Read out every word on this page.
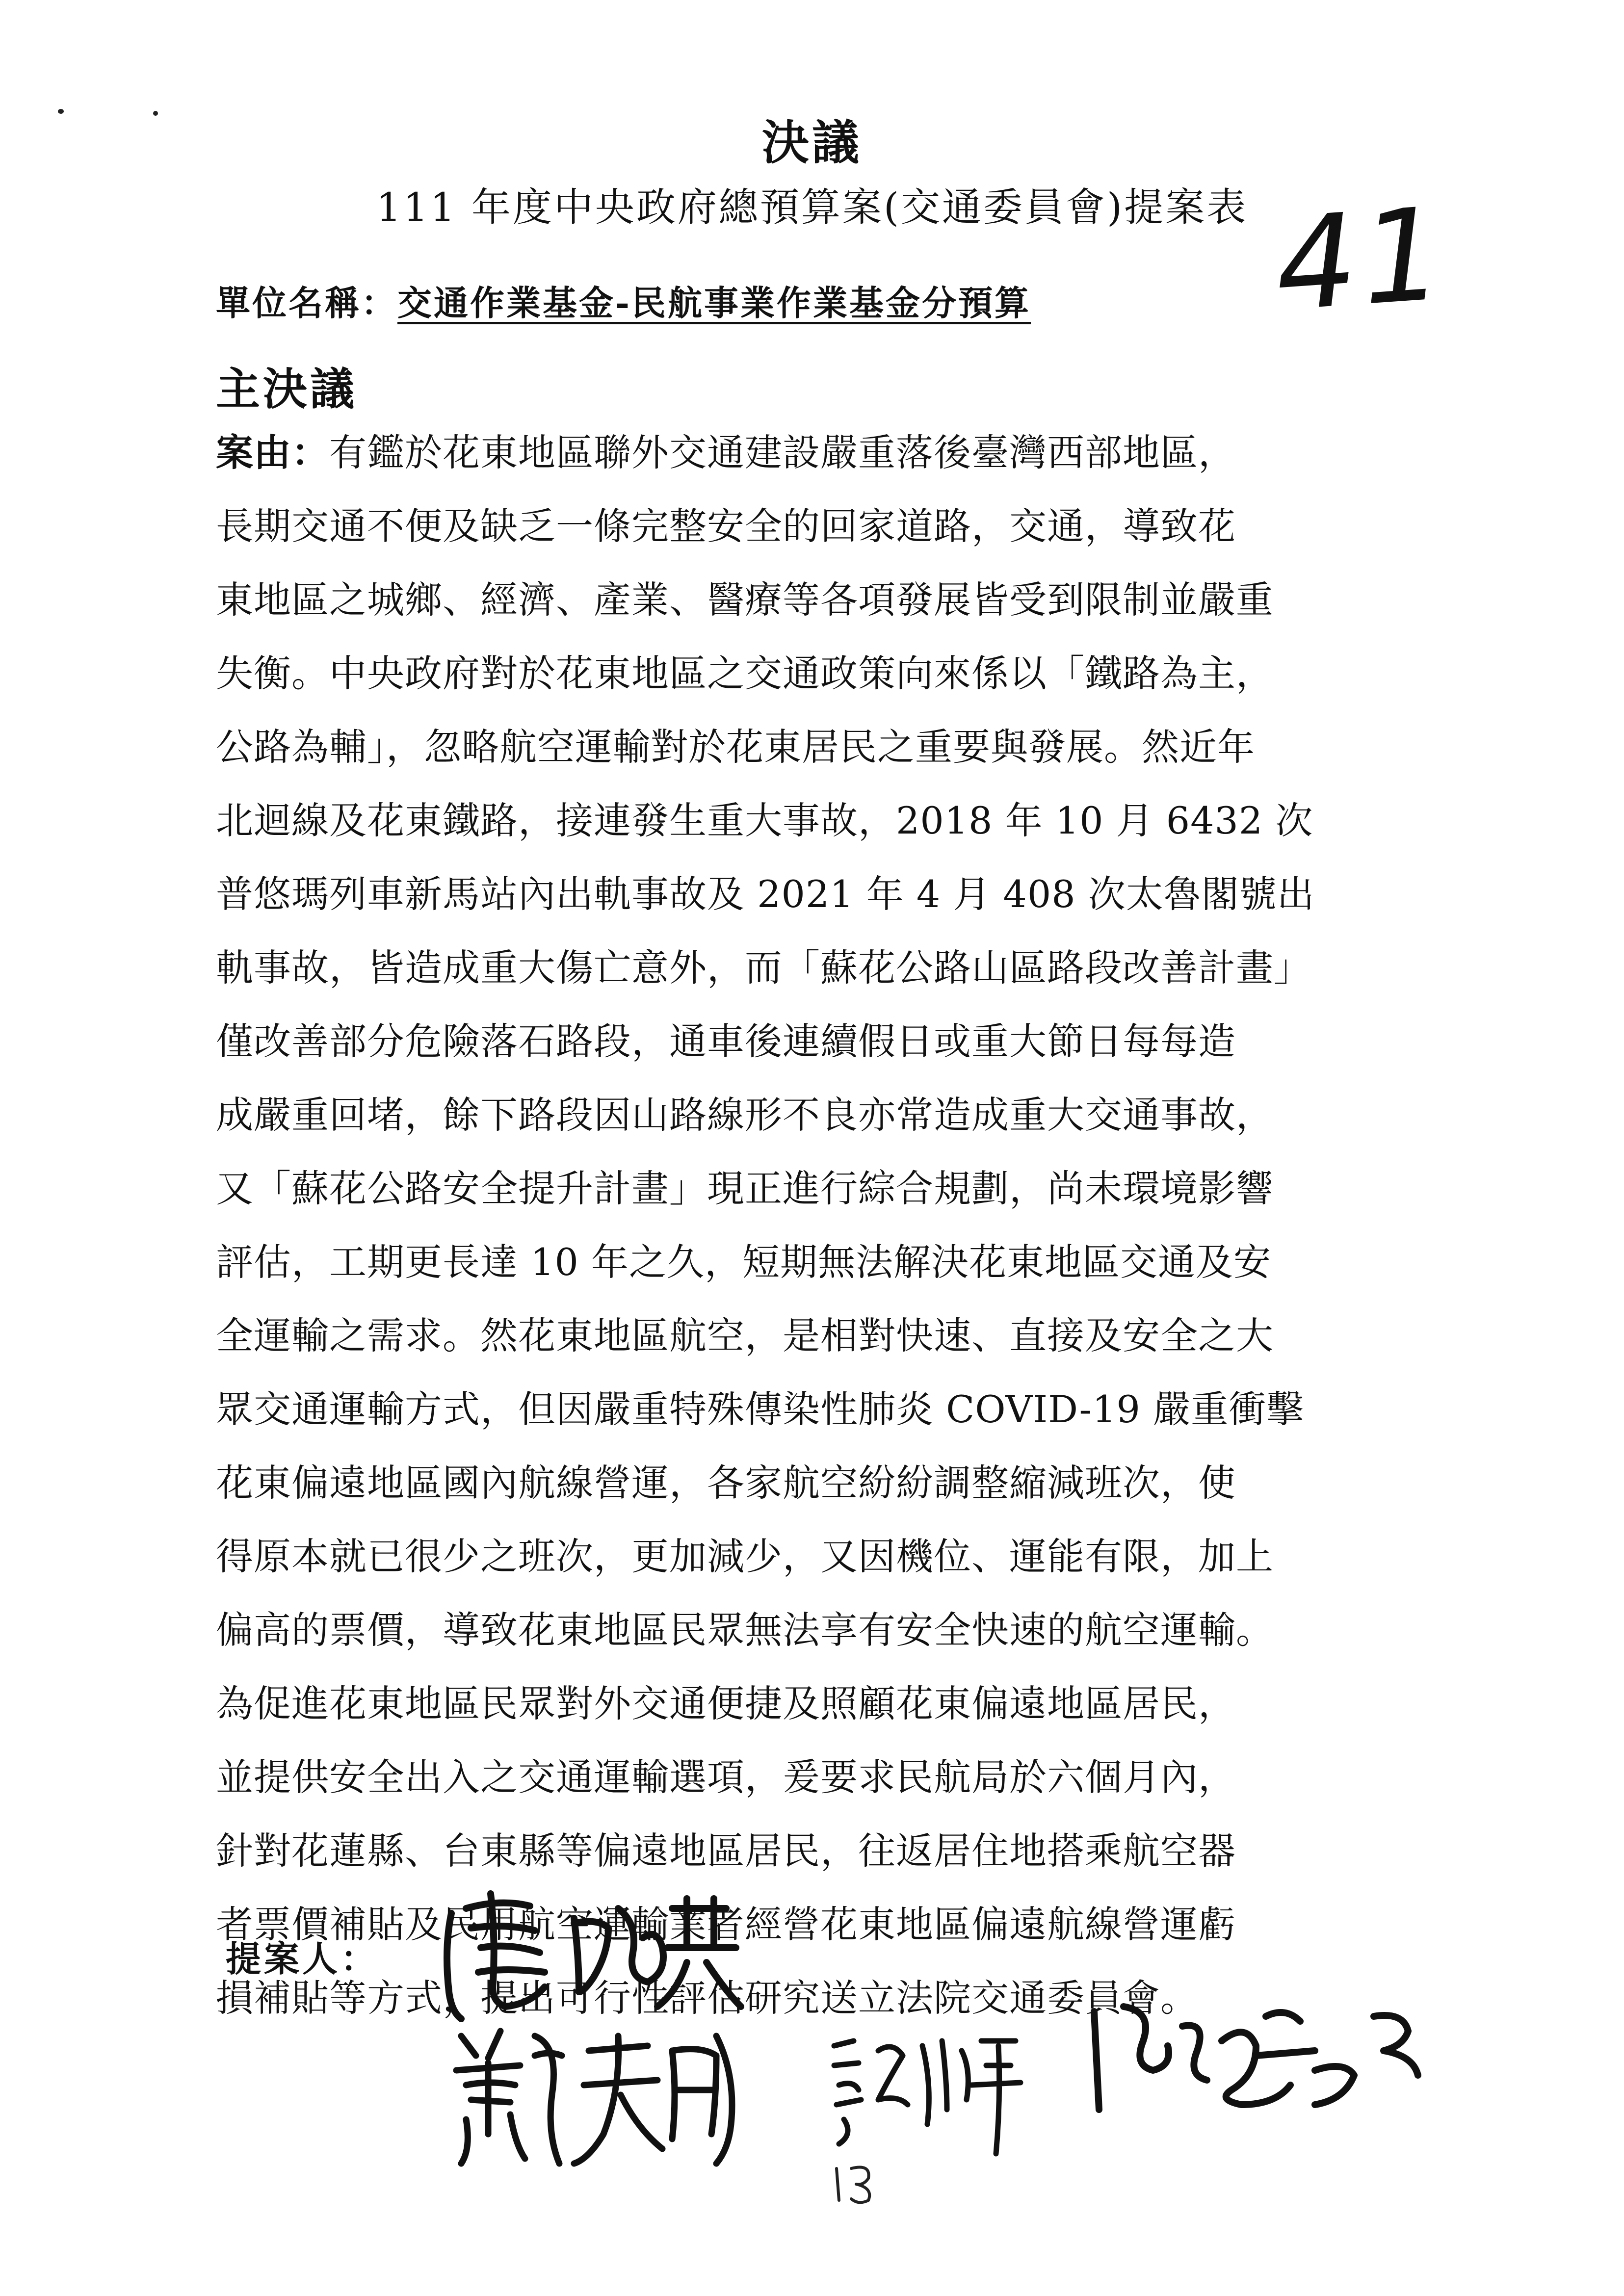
決議
111 年度中央政府總預算案(交通委員會)提案表 41
單位名稱：交通作業基金-民航事業作業基金分預算
主決議
案由：有鑑於花東地區聯外交通建設嚴重落後臺灣西部地區，
長期交通不便及缺乏一條完整安全的回家道路，交通，導致花
東地區之城鄉、經濟、產業、醫療等各項發展皆受到限制並嚴重
失衡。中央政府對於花東地區之交通政策向來係以「鐵路為主，
公路為輔」，忽略航空運輸對於花東居民之重要與發展。然近年
北迴線及花東鐵路，接連發生重大事故，2018 年 10 月 6432 次
普悠瑪列車新馬站內出軌事故及 2021 年 4 月 408 次太魯閣號出
軌事故，皆造成重大傷亡意外，而「蘇花公路山區路段改善計畫」
僅改善部分危險落石路段，通車後連續假日或重大節日每每造
成嚴重回堵，餘下路段因山路線形不良亦常造成重大交通事故，
又「蘇花公路安全提升計畫」現正進行綜合規劃，尚未環境影響
評估，工期更長達 10 年之久，短期無法解決花東地區交通及安
全運輸之需求。然花東地區航空，是相對快速、直接及安全之大
眾交通運輸方式，但因嚴重特殊傳染性肺炎 COVID-19 嚴重衝擊
花東偏遠地區國內航線營運，各家航空紛紛調整縮減班次，使
得原本就已很少之班次，更加減少，又因機位、運能有限，加上
偏高的票價，導致花東地區民眾無法享有安全快速的航空運輸。
為促進花東地區民眾對外交通便捷及照顧花東偏遠地區居民，
並提供安全出入之交通運輸選項，爰要求民航局於六個月內，
針對花蓮縣、台東縣等偏遠地區居民，往返居住地搭乘航空器
者票價補貼及民用航空運輸業者經營花東地區偏遠航線營運虧
損補貼等方式，提出可行性評估研究送立法院交通委員會。
提案人：
